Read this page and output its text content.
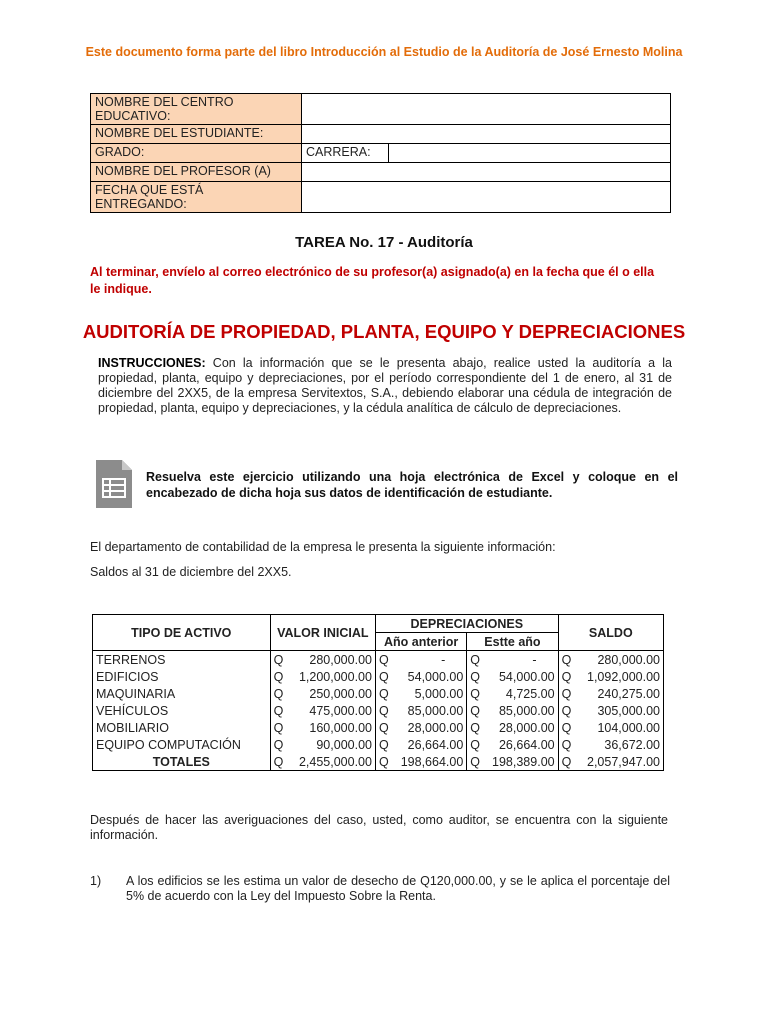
Este documento forma parte del libro Introducción al Estudio de la Auditoría de José Ernesto Molina
NOMBRE DEL CENTRO EDUCATIVO:		
NOMBRE DEL ESTUDIANTE:		
GRADO:	CARRERA:	
NOMBRE DEL PROFESOR (A)		
FECHA QUE ESTÁ ENTREGANDO:		
TAREA No. 17 - Auditoría
Al terminar, envíelo al correo electrónico de su profesor(a) asignado(a) en la fecha que él o ella le indique.
AUDITORÍA DE PROPIEDAD, PLANTA, EQUIPO Y DEPRECIACIONES
INSTRUCCIONES: Con la información que se le presenta abajo, realice usted la auditoría a la propiedad, planta, equipo y depreciaciones, por el período correspondiente del 1 de enero, al 31 de diciembre del 2XX5, de la empresa Servitextos, S.A., debiendo elaborar una cédula de integración de propiedad, planta, equipo y depreciaciones, y la cédula analítica de cálculo de depreciaciones.
Resuelva este ejercicio utilizando una hoja electrónica de Excel y coloque en el encabezado de dicha hoja sus datos de identificación de estudiante.
El departamento de contabilidad de la empresa le presenta la siguiente información:
Saldos al 31 de diciembre del 2XX5.
TIPO DE ACTIVO	VALOR INICIAL	DEPRECIACIONES		SALDO
		Año anterior	Estte año	
TERRENOS	Q 280,000.00	Q -	Q -	Q 280,000.00

EDIFICIOS	Q 1,200,000.00	Q 54,000.00	Q 54,000.00	Q 1,092,000.00

MAQUINARIA	Q 250,000.00	Q 5,000.00	Q 4,725.00	Q 240,275.00

VEHÍCULOS	Q 475,000.00	Q 85,000.00	Q 85,000.00	Q 305,000.00

MOBILIARIO	Q 160,000.00	Q 28,000.00	Q 28,000.00	Q 104,000.00

EQUIPO COMPUTACIÓN	Q 90,000.00	Q 26,664.00	Q 26,664.00	Q 36,672.00

TOTALES	Q 2,455,000.00	Q 198,664.00	Q 198,389.00	Q 2,057,947.00
Después de hacer las averiguaciones del caso, usted, como auditor, se encuentra con la siguiente información.
1) A los edificios se les estima un valor de desecho de Q120,000.00, y se le aplica el porcentaje del 5% de acuerdo con la Ley del Impuesto Sobre la Renta.
